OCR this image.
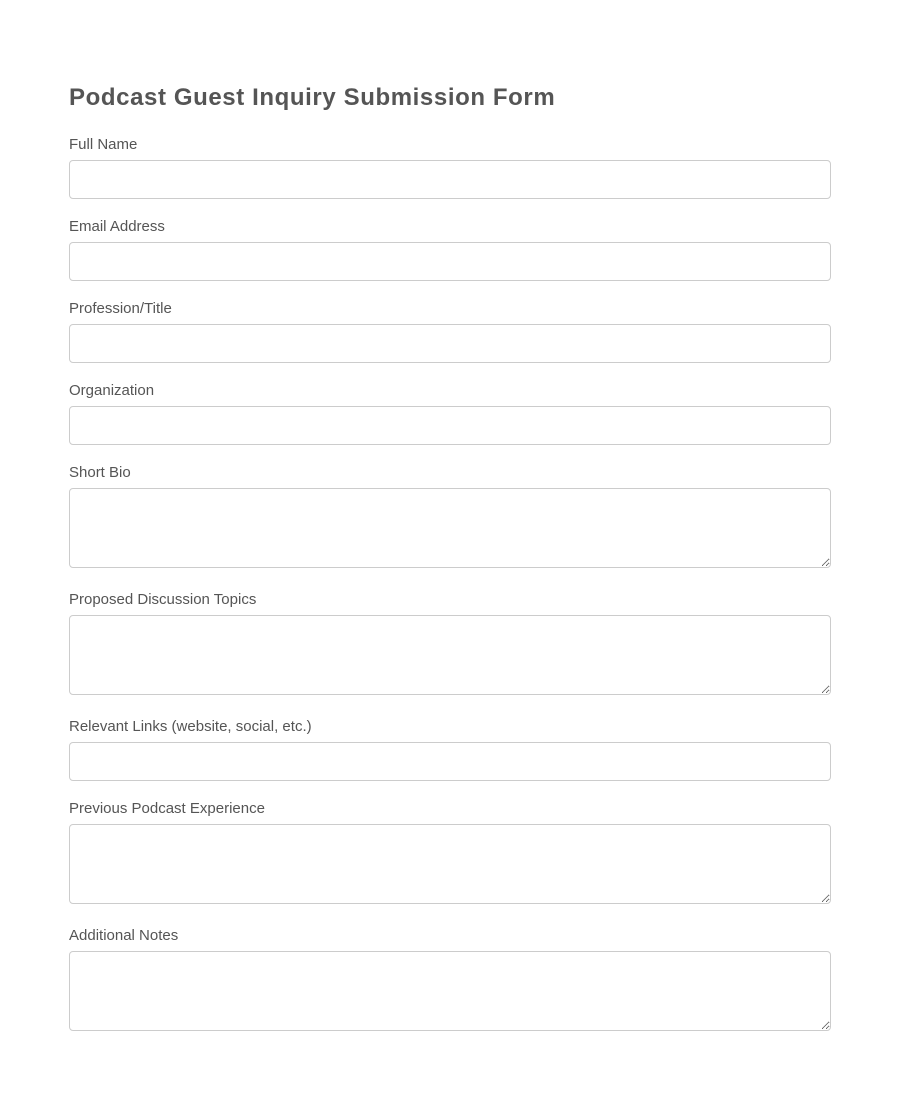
Podcast Guest Inquiry Submission Form
Full Name
Email Address
Profession/Title
Organization
Short Bio
Proposed Discussion Topics
Relevant Links (website, social, etc.)
Previous Podcast Experience
Additional Notes
